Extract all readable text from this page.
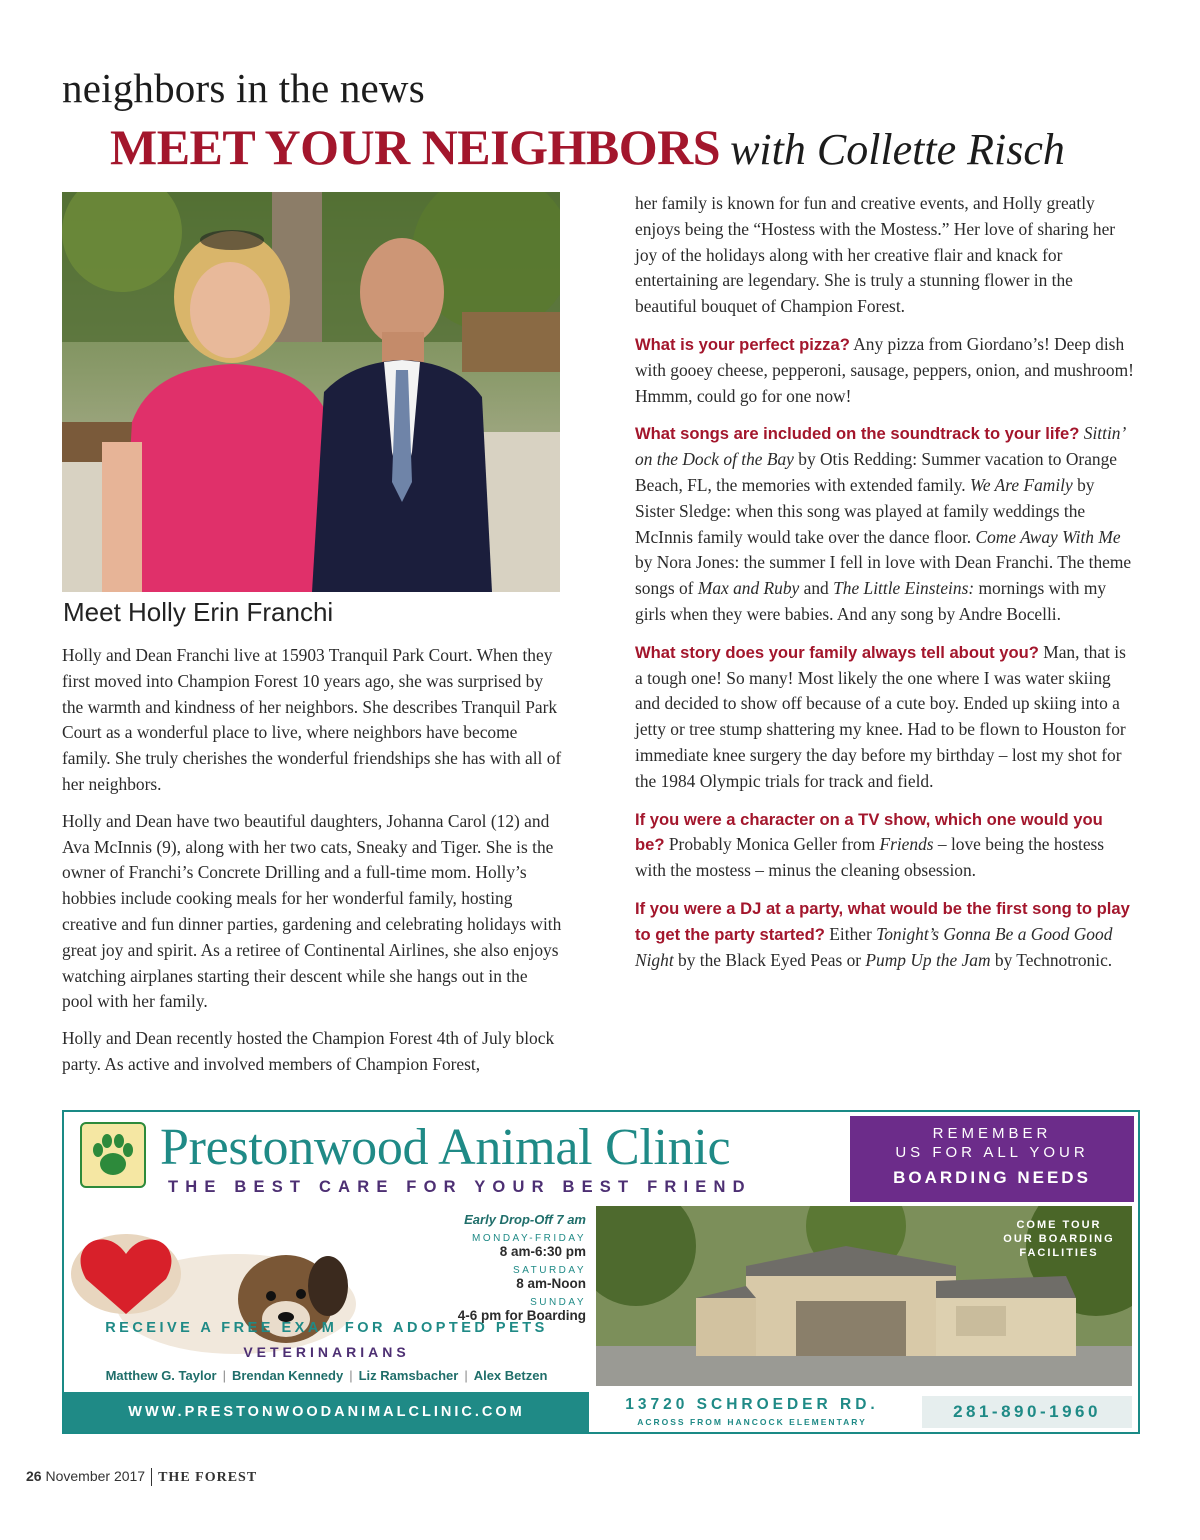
neighbors in the news
MEET YOUR NEIGHBORS with Collette Risch
Meet Holly Erin Franchi

Holly and Dean Franchi live at 15903 Tranquil Park Court. When they first moved into Champion Forest 10 years ago, she was surprised by the warmth and kindness of her neighbors. She describes Tranquil Park Court as a wonderful place to live, where neighbors have become family. She truly cherishes the wonderful friendships she has with all of her neighbors.

Holly and Dean have two beautiful daughters, Johanna Carol (12) and Ava McInnis (9), along with her two cats, Sneaky and Tiger. She is the owner of Franchi’s Concrete Drilling and a full-time mom. Holly’s hobbies include cooking meals for her wonderful family, hosting creative and fun dinner parties, gardening and celebrating holidays with great joy and spirit. As a retiree of Continental Airlines, she also enjoys watching airplanes starting their descent while she hangs out in the pool with her family.

Holly and Dean recently hosted the Champion Forest 4th of July block party. As active and involved members of Champion Forest,

her family is known for fun and creative events, and Holly greatly enjoys being the “Hostess with the Mostess.” Her love of sharing her joy of the holidays along with her creative flair and knack for entertaining are legendary. She is truly a stunning flower in the beautiful bouquet of Champion Forest.

What is your perfect pizza? Any pizza from Giordano’s! Deep dish with gooey cheese, pepperoni, sausage, peppers, onion, and mushroom! Hmmm, could go for one now!

What songs are included on the soundtrack to your life? Sittin’ on the Dock of the Bay by Otis Redding: Summer vacation to Orange Beach, FL, the memories with extended family. We Are Family by Sister Sledge: when this song was played at family weddings the McInnis family would take over the dance floor. Come Away With Me by Nora Jones: the summer I fell in love with Dean Franchi. The theme songs of Max and Ruby and The Little Einsteins: mornings with my girls when they were babies. And any song by Andre Bocelli.

What story does your family always tell about you? Man, that is a tough one! So many! Most likely the one where I was water skiing and decided to show off because of a cute boy. Ended up skiing into a jetty or tree stump shattering my knee. Had to be flown to Houston for immediate knee surgery the day before my birthday – lost my shot for the 1984 Olympic trials for track and field.

If you were a character on a TV show, which one would you be? Probably Monica Geller from Friends – love being the hostess with the mostess – minus the cleaning obsession.

If you were a DJ at a party, what would be the first song to play to get the party started? Either Tonight’s Gonna Be a Good Good Night by the Black Eyed Peas or Pump Up the Jam by Technotronic.

Prestonwood Animal Clinic
THE BEST CARE FOR YOUR BEST FRIEND
REMEMBER
US FOR ALL YOUR
BOARDING NEEDS
Early Drop-Off 7 am
MONDAY-FRIDAY
8 am-6:30 pm
SATURDAY
8 am-Noon
SUNDAY
4-6 pm for Boarding
COME TOUR
OUR BOARDING
FACILITIES
RECEIVE A FREE EXAM FOR ADOPTED PETS
VETERINARIANS
Matthew G. Taylor | Brendan Kennedy | Liz Ramsbacher | Alex Betzen
WWW.PRESTONWOODANIMALCLINIC.COM	13720 SCHROEDER RD.
ACROSS FROM HANCOCK ELEMENTARY
281-890-1960
26 November 2017 THE FOREST
